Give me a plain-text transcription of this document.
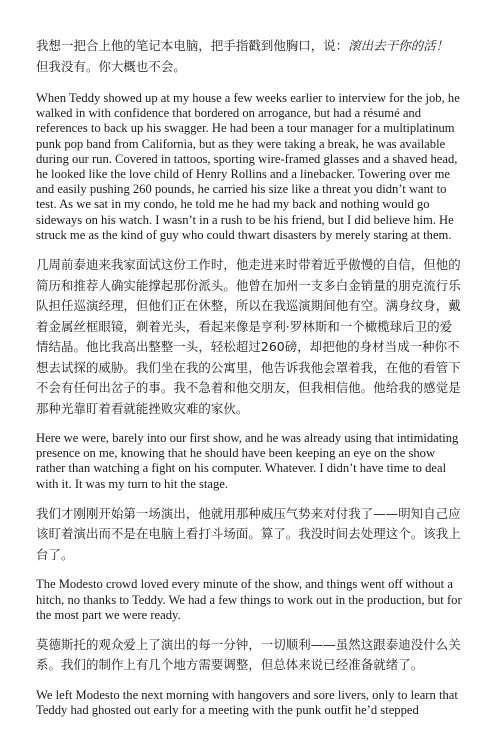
我想一把合上他的笔记本电脑，把手指戳到他胸口，说：滚出去干你的活！
但我没有。你大概也不会。

When Teddy showed up at my house a few weeks earlier to interview for the job, he walked in with confidence that bordered on arrogance, but had a résumé and references to back up his swagger. He had been a tour manager for a multiplatinum punk pop band from California, but as they were taking a break, he was available during our run. Covered in tattoos, sporting wire-framed glasses and a shaved head, he looked like the love child of Henry Rollins and a linebacker. Towering over me and easily pushing 260 pounds, he carried his size like a threat you didn’t want to test. As we sat in my condo, he told me he had my back and nothing would go sideways on his watch. I wasn’t in a rush to be his friend, but I did believe him. He struck me as the kind of guy who could thwart disasters by merely staring at them.

几周前泰迪来我家面试这份工作时，他走进来时带着近乎傲慢的自信，但他的简历和推荐人确实能撑起那份派头。他曾在加州一支多白金销量的朋克流行乐队担任巡演经理，但他们正在休整，所以在我巡演期间他有空。满身纹身，戴着金属丝框眼镜，剃着光头，看起来像是亨利·罗林斯和一个橄榄球后卫的爱情结晶。他比我高出整整一头，轻松超过260磅，却把他的身材当成一种你不想去试探的威胁。我们坐在我的公寓里，他告诉我他会罩着我，在他的看管下不会有任何出岔子的事。我不急着和他交朋友，但我相信他。他给我的感觉是那种光靠盯着看就能挫败灾难的家伙。

Here we were, barely into our first show, and he was already using that intimidating presence on me, knowing that he should have been keeping an eye on the show rather than watching a fight on his computer. Whatever. I didn’t have time to deal with it. It was my turn to hit the stage.

我们才刚刚开始第一场演出，他就用那种威压气势来对付我了——明知自己应该盯着演出而不是在电脑上看打斗场面。算了。我没时间去处理这个。该我上台了。

The Modesto crowd loved every minute of the show, and things went off without a hitch, no thanks to Teddy. We had a few things to work out in the production, but for the most part we were ready.

莫德斯托的观众爱上了演出的每一分钟，一切顺利——虽然这跟泰迪没什么关系。我们的制作上有几个地方需要调整，但总体来说已经准备就绪了。

We left Modesto the next morning with hangovers and sore livers, only to learn that Teddy had ghosted out early for a meeting with the punk outfit he’d stepped
